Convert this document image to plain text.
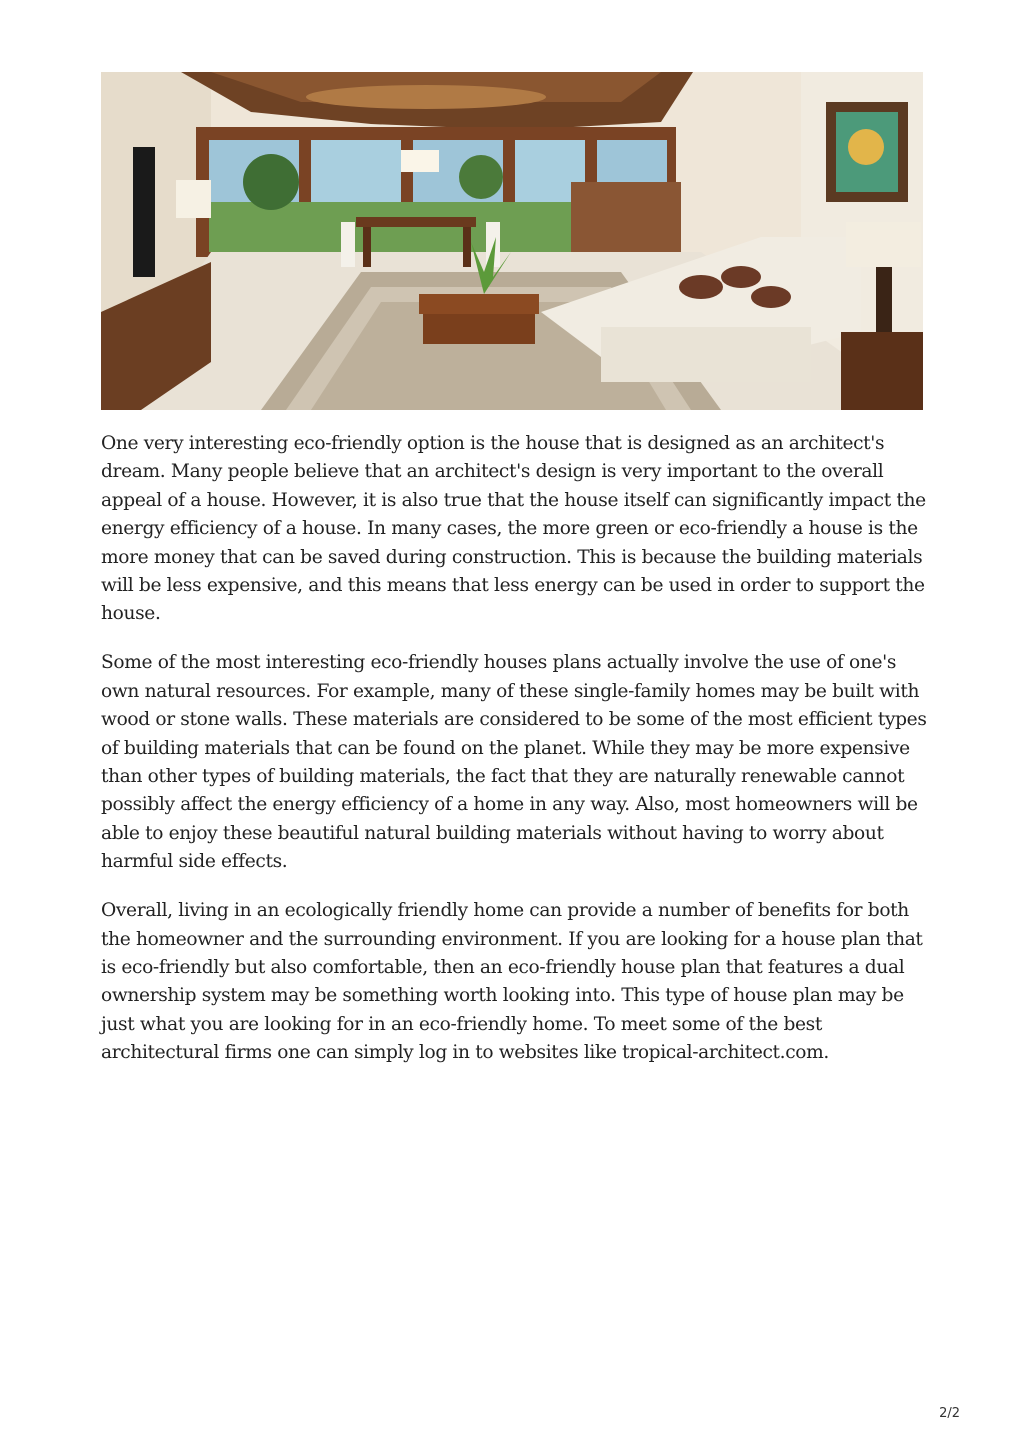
One very interesting eco-friendly option is the house that is designed as an architect's dream. Many people believe that an architect's design is very important to the overall appeal of a house. However, it is also true that the house itself can significantly impact the energy efficiency of a house. In many cases, the more green or eco-friendly a house is the more money that can be saved during construction. This is because the building materials will be less expensive, and this means that less energy can be used in order to support the house.

Some of the most interesting eco-friendly houses plans actually involve the use of one's own natural resources. For example, many of these single-family homes may be built with wood or stone walls. These materials are considered to be some of the most efficient types of building materials that can be found on the planet. While they may be more expensive than other types of building materials, the fact that they are naturally renewable cannot possibly affect the energy efficiency of a home in any way. Also, most homeowners will be able to enjoy these beautiful natural building materials without having to worry about harmful side effects.

Overall, living in an ecologically friendly home can provide a number of benefits for both the homeowner and the surrounding environment. If you are looking for a house plan that is eco-friendly but also comfortable, then an eco-friendly house plan that features a dual ownership system may be something worth looking into. This type of house plan may be just what you are looking for in an eco-friendly home. To meet some of the best architectural firms one can simply log in to websites like tropical-architect.com.

2/2
